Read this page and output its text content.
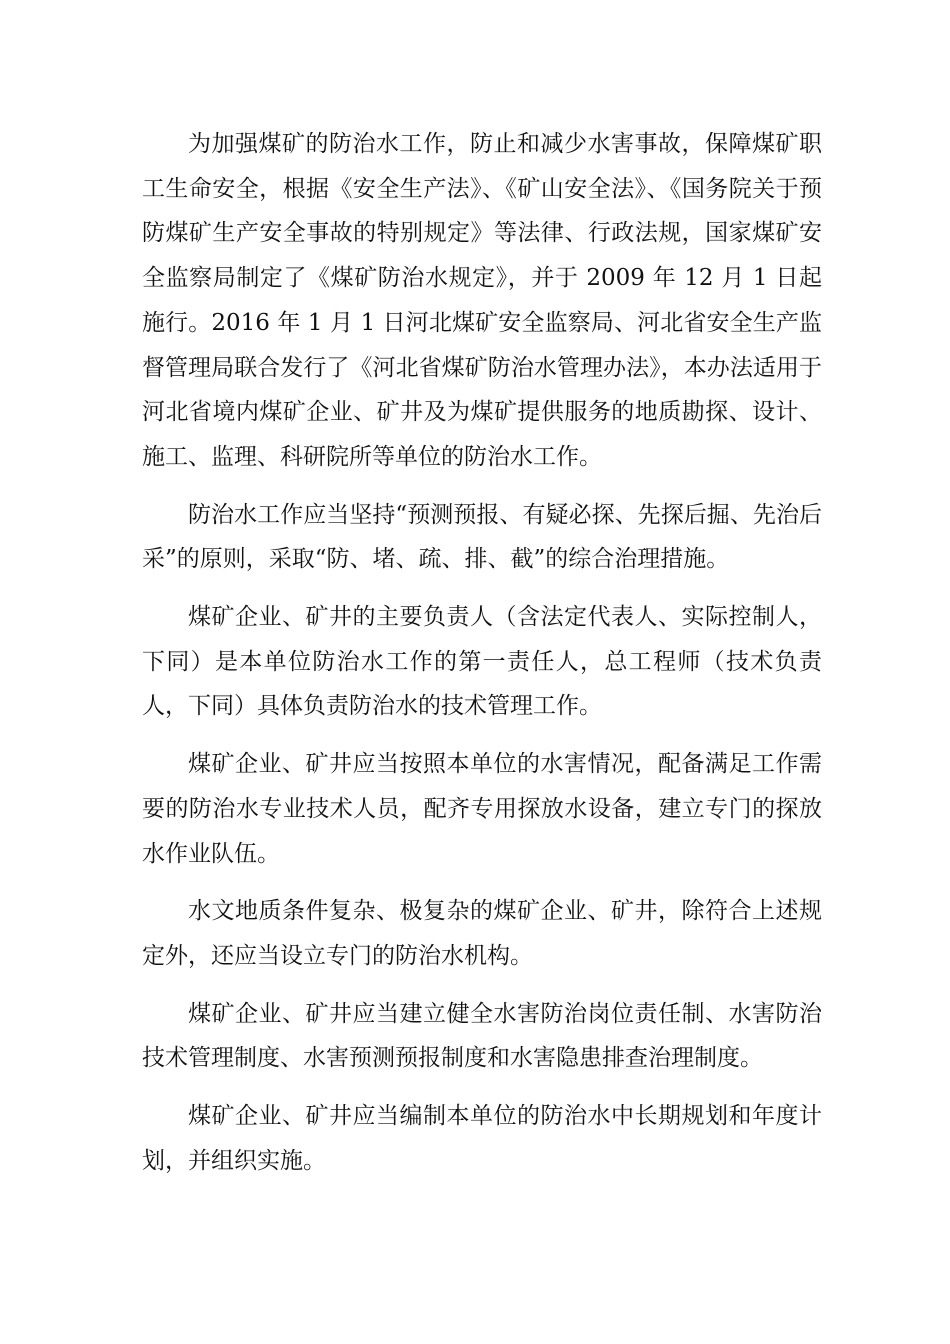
为加强煤矿的防治水工作，防止和减少水害事故，保障煤矿职工生命安全，根据《安全生产法》、《矿山安全法》、《国务院关于预防煤矿生产安全事故的特别规定》等法律、行政法规，国家煤矿安全监察局制定了《煤矿防治水规定》，并于 2009 年 12 月 1 日起施行。2016 年 1 月 1 日河北煤矿安全监察局、河北省安全生产监督管理局联合发行了《河北省煤矿防治水管理办法》，本办法适用于河北省境内煤矿企业、矿井及为煤矿提供服务的地质勘探、设计、施工、监理、科研院所等单位的防治水工作。

防治水工作应当坚持“预测预报、有疑必探、先探后掘、先治后采”的原则，采取“防、堵、疏、排、截”的综合治理措施。

煤矿企业、矿井的主要负责人（含法定代表人、实际控制人，下同）是本单位防治水工作的第一责任人，总工程师（技术负责人，下同）具体负责防治水的技术管理工作。

煤矿企业、矿井应当按照本单位的水害情况，配备满足工作需要的防治水专业技术人员，配齐专用探放水设备，建立专门的探放水作业队伍。

水文地质条件复杂、极复杂的煤矿企业、矿井，除符合上述规定外，还应当设立专门的防治水机构。

煤矿企业、矿井应当建立健全水害防治岗位责任制、水害防治技术管理制度、水害预测预报制度和水害隐患排查治理制度。

煤矿企业、矿井应当编制本单位的防治水中长期规划和年度计划，并组织实施。
